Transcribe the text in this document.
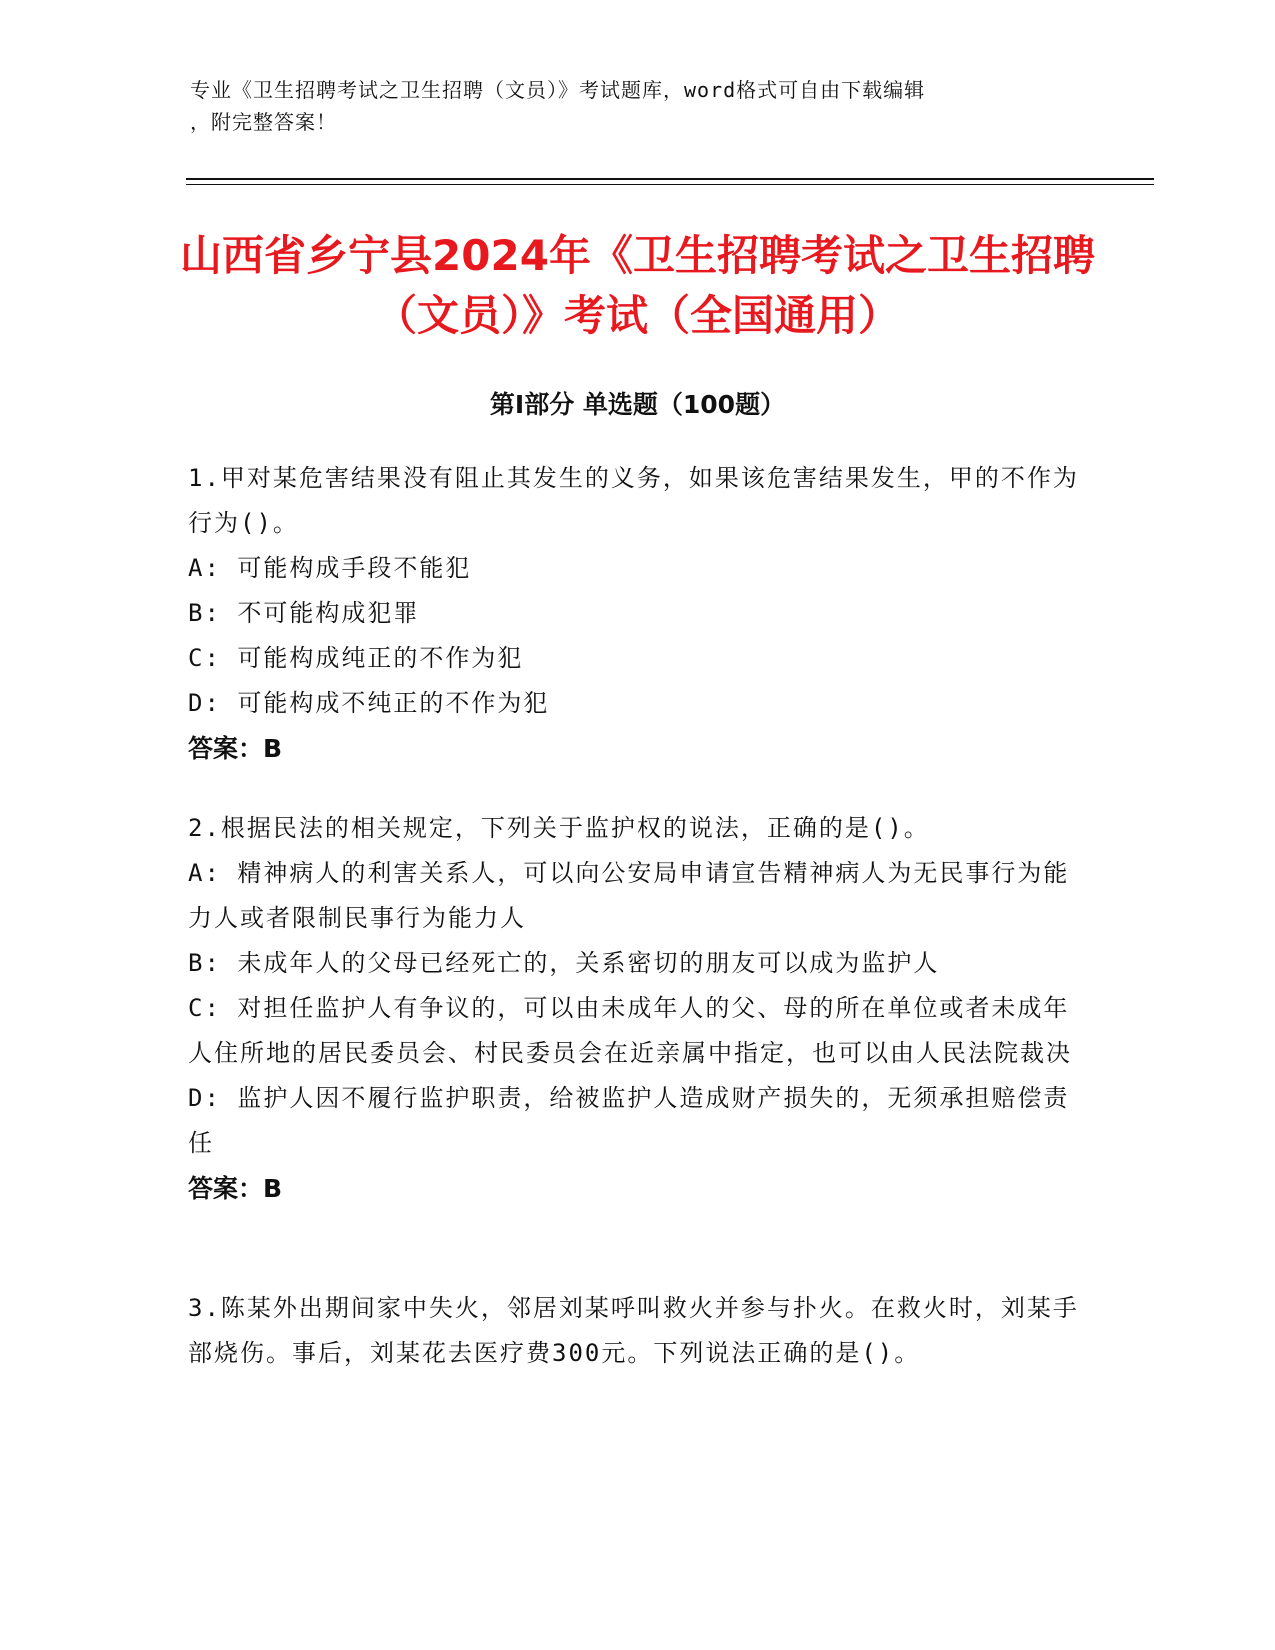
专业《卫生招聘考试之卫生招聘（文员）》考试题库，word格式可自由下载编辑
，附完整答案！
山西省乡宁县2024年《卫生招聘考试之卫生招聘（文员）》考试（全国通用）
第I部分 单选题（100题）

1.甲对某危害结果没有阻止其发生的义务，如果该危害结果发生，甲的不作为行为()。

A: 可能构成手段不能犯

B: 不可能构成犯罪

C: 可能构成纯正的不作为犯

D: 可能构成不纯正的不作为犯

答案：B

2.根据民法的相关规定，下列关于监护权的说法，正确的是()。

A: 精神病人的利害关系人，可以向公安局申请宣告精神病人为无民事行为能力人或者限制民事行为能力人

B: 未成年人的父母已经死亡的，关系密切的朋友可以成为监护人

C: 对担任监护人有争议的，可以由未成年人的父、母的所在单位或者未成年人住所地的居民委员会、村民委员会在近亲属中指定，也可以由人民法院裁决

D: 监护人因不履行监护职责，给被监护人造成财产损失的，无须承担赔偿责任

答案：B

3.陈某外出期间家中失火，邻居刘某呼叫救火并参与扑火。在救火时，刘某手部烧伤。事后，刘某花去医疗费300元。下列说法正确的是()。
